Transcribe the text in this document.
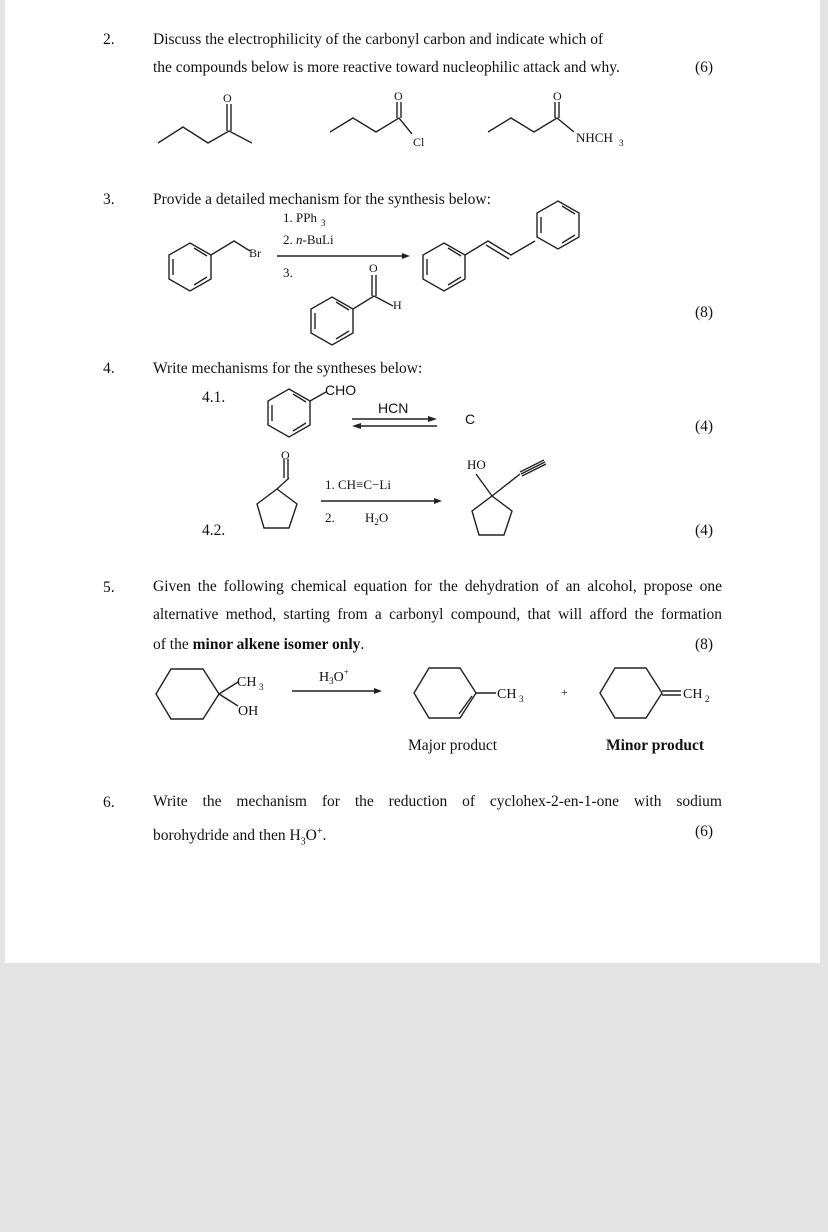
2. Discuss the electrophilicity of the carbonyl carbon and indicate which of
the compounds below is more reactive toward nucleophilic attack and why.	(6)
O	O
Cl
O
NHCH 3
3. Provide a detailed mechanism for the synthesis below:
(8)
Br
1. PPh 3
2. n-BuLi
3.	O
H
4. Write mechanisms for the syntheses below:
4.1.
(4)
4.2.	(4)
CHO
HCN
C
O
1. CH≡C−Li
2. $H_2O$
HO
5. Given the following chemical equation for the dehydration of an alcohol, propose one
alternative method, starting from a carbonyl compound, that will afford the formation
of the minor alkene isomer only.	(8)
CH 3
OH
$H_3O^+$
CH 3	+	CH 2
Major product	Minor product
6. Write the mechanism for the reduction of cyclohex-2-en-1-one with sodium
borohydride and then $H_3O^+$.	(6)
